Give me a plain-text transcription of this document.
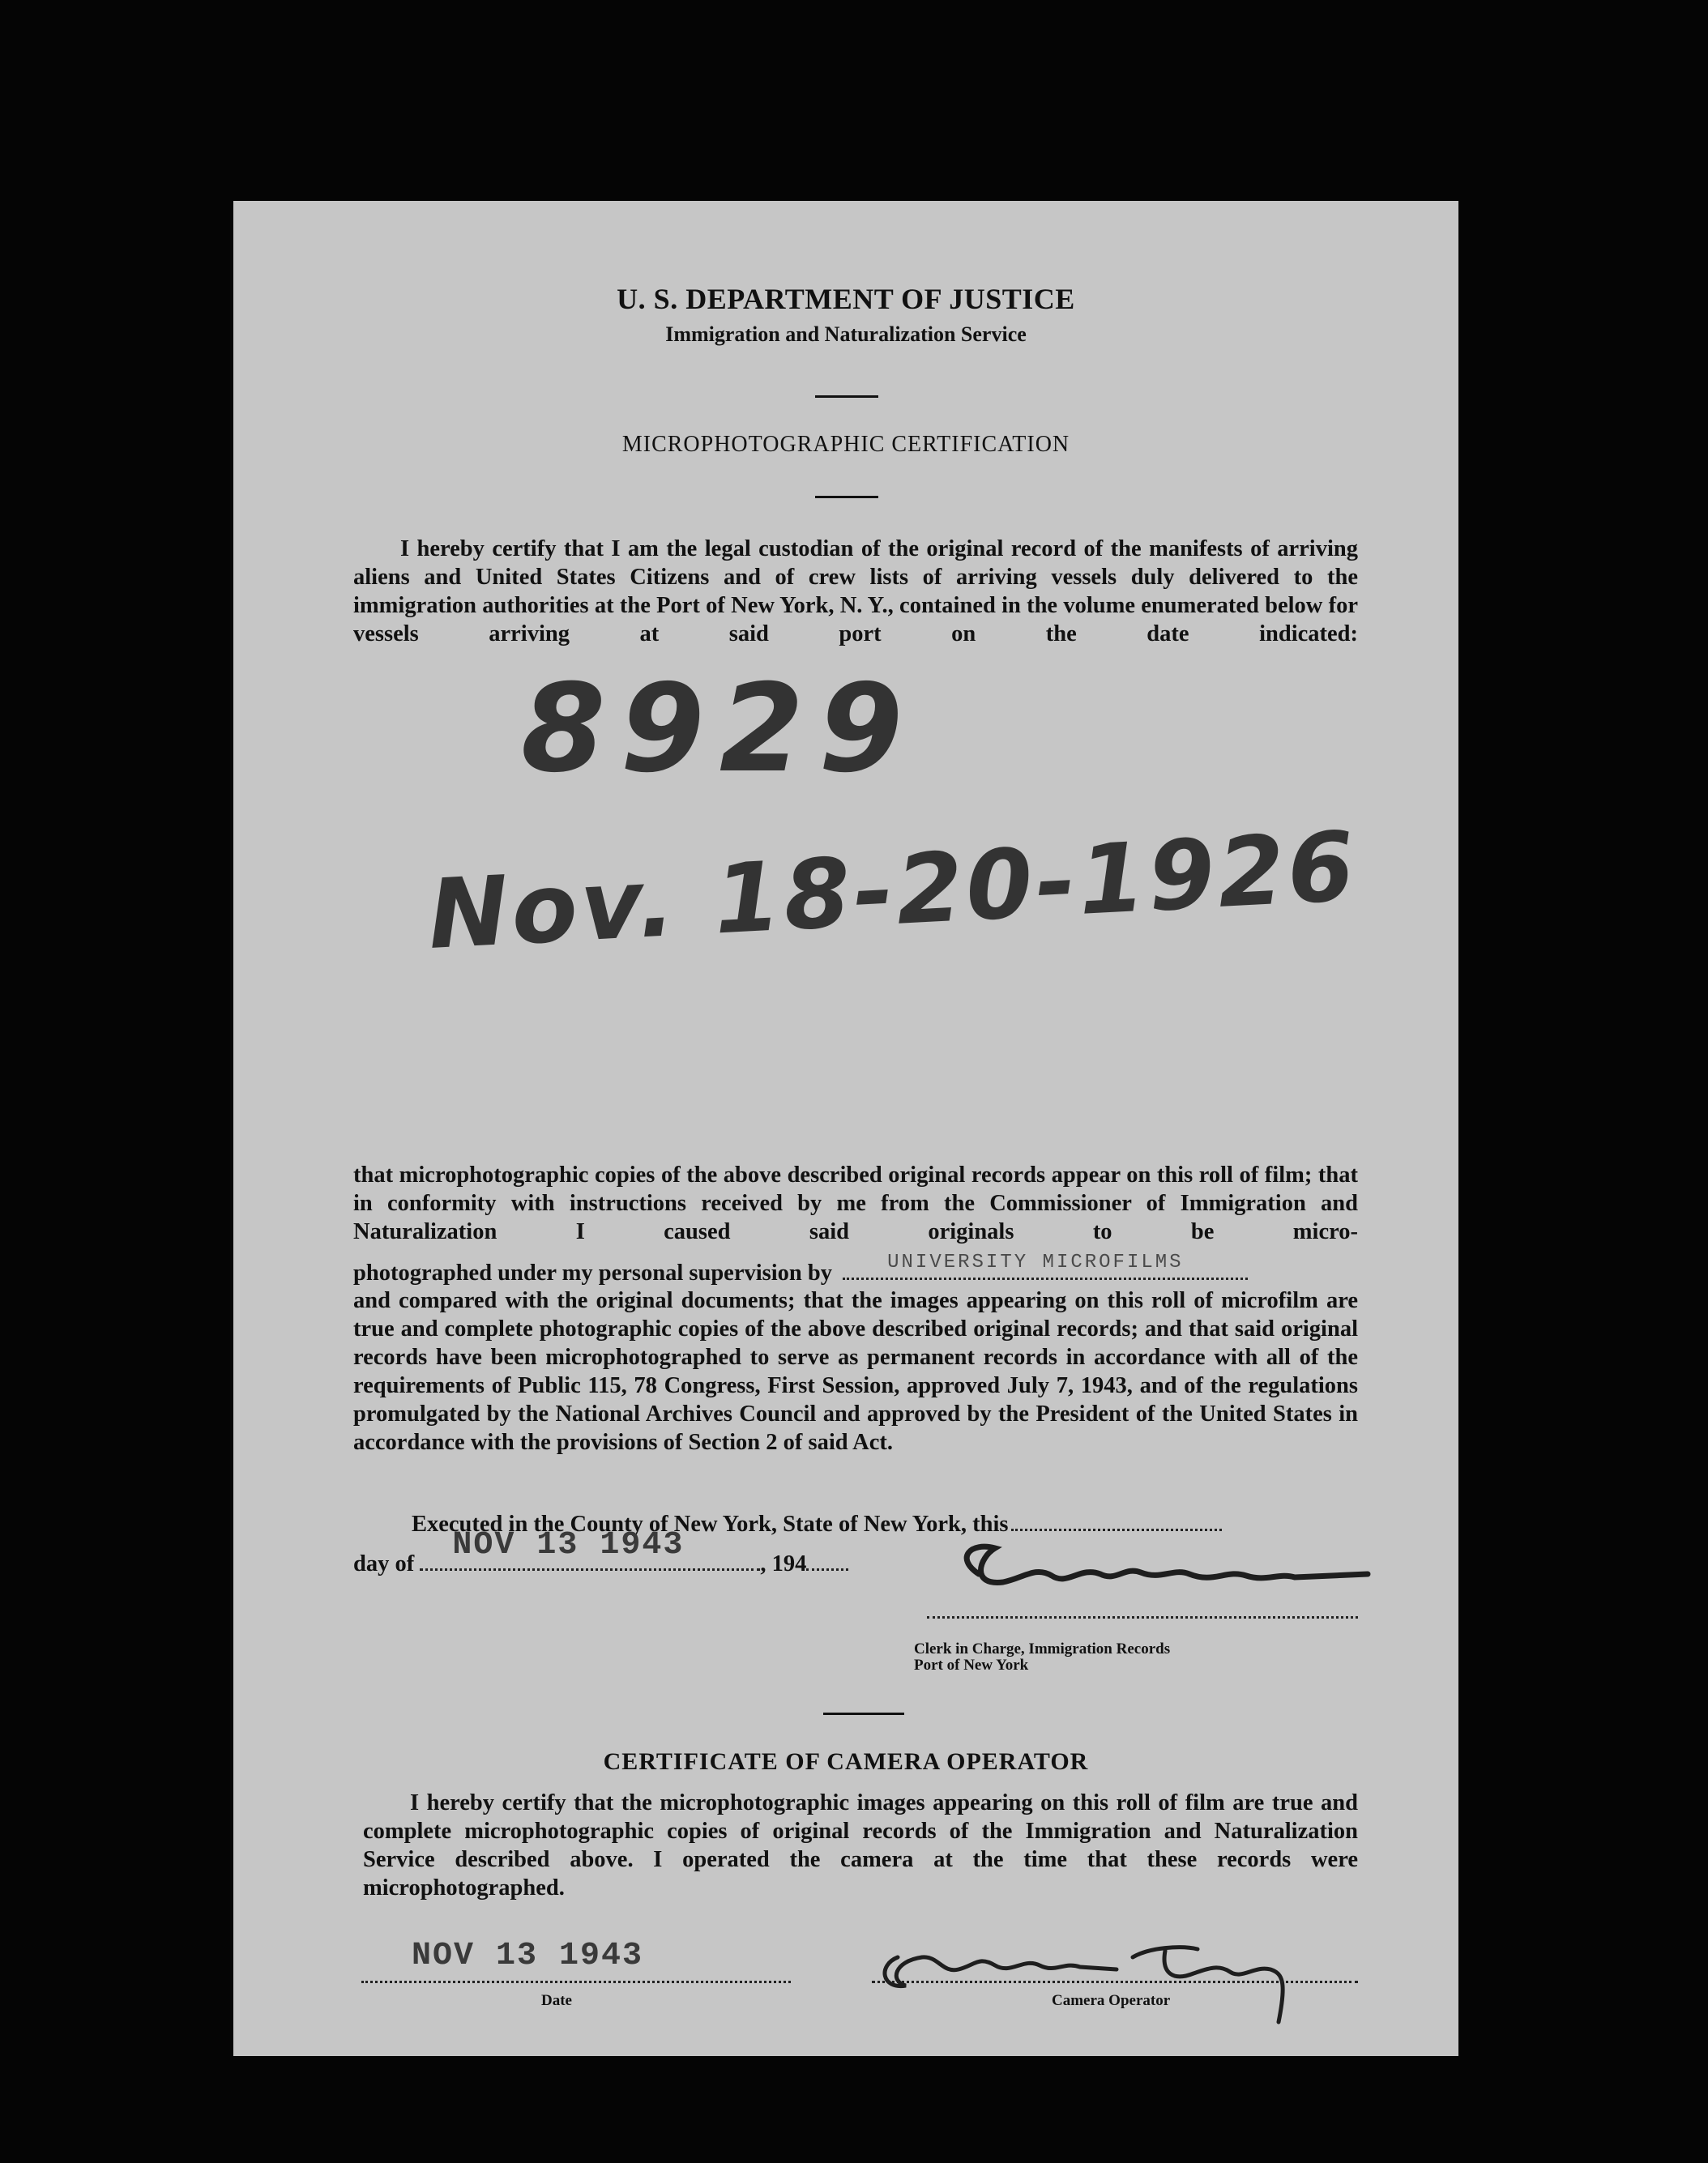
U. S. DEPARTMENT OF JUSTICE
Immigration and Naturalization Service
MICROPHOTOGRAPHIC CERTIFICATION
I hereby certify that I am the legal custodian of the original record of the manifests of arriving aliens and United States Citizens and of crew lists of arriving vessels duly delivered to the immigration authorities at the Port of New York, N. Y., contained in the volume enumerated below for vessels arriving at said port on the date indicated:
8929
Nov. 18-20-1926
that microphotographic copies of the above described original records appear on this roll of film; that in conformity with instructions received by me from the Commissioner of Immigration and Naturalization I caused said originals to be micro-
photographed under my personal supervision by	UNIVERSITY MICROFILMS
and compared with the original documents; that the images appearing on this roll of microfilm are true and complete photographic copies of the above described original records; and that said original records have been microphotographed to serve as permanent records in accordance with all of the requirements of Public 115, 78 Congress, First Session, approved July 7, 1943, and of the regulations promulgated by the National Archives Council and approved by the President of the United States in accordance with the provisions of Section 2 of said Act.
Executed in the County of New York, State of New York, this
day of
NOV 13 1943
, 194
Clerk in Charge, Immigration Records
Port of New York
CERTIFICATE OF CAMERA OPERATOR
I hereby certify that the microphotographic images appearing on this roll of film are true and complete microphotographic copies of original records of the Immigration and Naturalization Service described above. I operated the camera at the time that these records were microphotographed.
NOV 13 1943
Date	Camera Operator
